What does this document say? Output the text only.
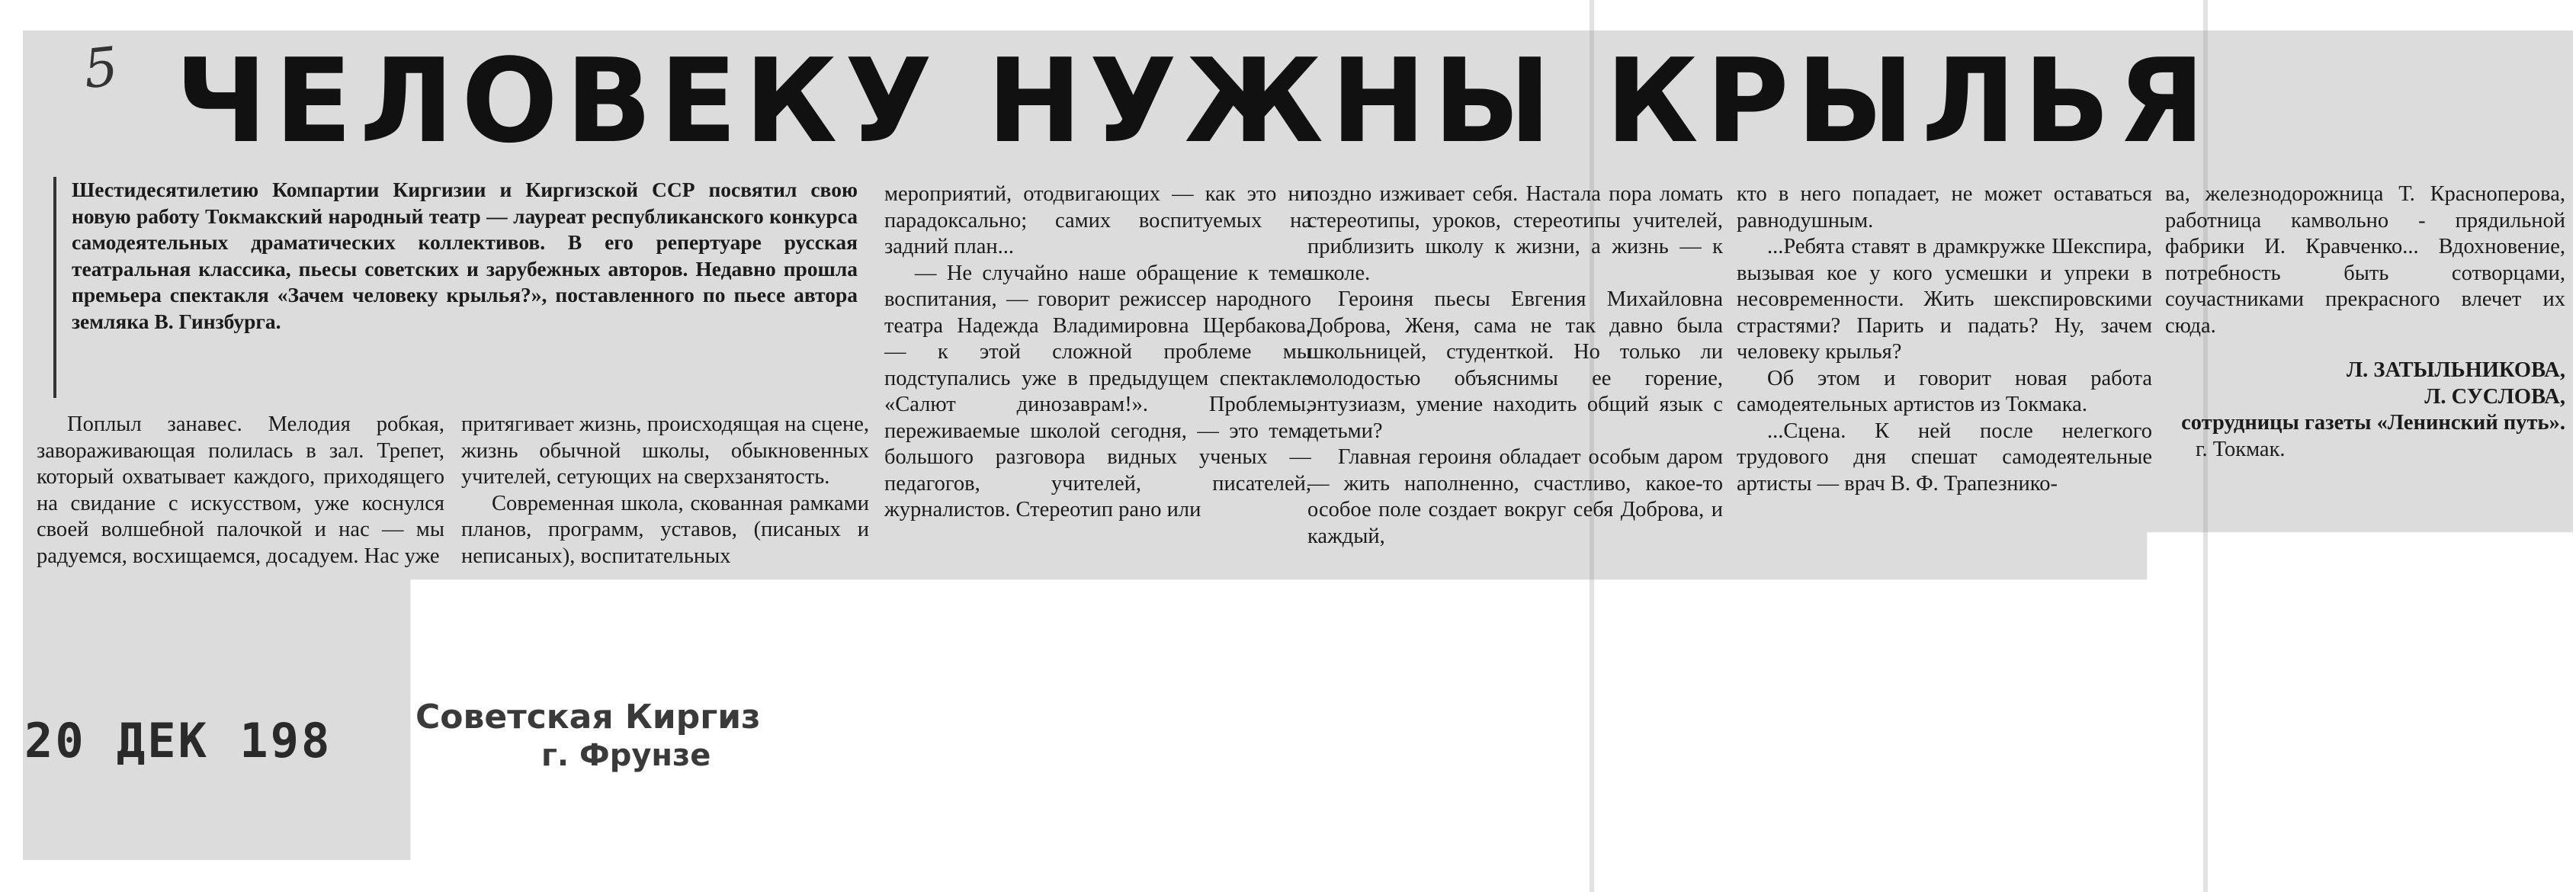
5 ЧЕЛОВЕКУ НУЖНЫ КРЫЛЬЯ
Шестидесятилетию Компартии Киргизии и Киргизской ССР посвятил свою новую работу Токмакский народный театр — лауреат республиканского конкурса самодеятельных драматических коллективов. В его репертуаре русская театральная классика, пьесы советских и зарубежных авторов. Недавно прошла премьера спектакля «Зачем человеку крылья?», поставленного по пьесе автора земляка В. Гинзбурга.

Поплыл занавес. Мелодия робкая, завораживающая полилась в зал. Трепет, который охватывает каждого, приходящего на свидание с искусством, уже коснулся своей волшебной палочкой и нас — мы радуемся, восхищаемся, досадуем. Нас уже

притягивает жизнь, происходящая на сцене, жизнь обычной школы, обыкновенных учителей, сетующих на сверхзанятость.

Современная школа, скованная рамками планов, программ, уставов, (писаных и неписаных), воспитательных

мероприятий, отодвигающих — как это ни парадоксально; самих воспитуемых на задний план...

— Не случайно наше обращение к теме воспитания, — говорит режиссер народного театра Надежда Владимировна Щербакова, — к этой сложной проблеме мы подступались уже в предыдущем спектакле «Салют динозаврам!». Проблемы, переживаемые школой сегодня, — это тема большого разговора видных ученых — педагогов, учителей, писателей, журналистов. Стереотип рано или

поздно изживает себя. Настала пора ломать стереотипы, уроков, стереотипы учителей, приблизить школу к жизни, а жизнь — к школе.

Героиня пьесы Евгения Михайловна Доброва, Женя, сама не так давно была школьницей, студенткой. Но только ли молодостью объяснимы ее горение, энтузиазм, умение находить общий язык с детьми?

Главная героиня обладает особым даром — жить наполненно, счастливо, какое-то особое поле создает вокруг себя Доброва, и каждый,

кто в него попадает, не может оставаться равнодушным.

...Ребята ставят в драмкружке Шекспира, вызывая кое у кого усмешки и упреки в несовременности. Жить шекспировскими страстями? Парить и падать? Ну, зачем человеку крылья?

Об этом и говорит новая работа самодеятельных артистов из Токмака.

...Сцена. К ней после нелегкого трудового дня спешат самодеятельные артисты — врач В. Ф. Трапезнико-

ва, железнодорожница Т. Красноперова, работница камвольно - прядильной фабрики И. Кравченко... Вдохновение, потребность быть сотворцами, соучастниками прекрасного влечет их сюда.

Л. ЗАТЫЛЬНИКОВА,
Л. СУСЛОВА,
сотрудницы газеты «Ленинский путь».

г. Токмак.

20 ДЕК 198 Советская Киргиз
г. Фрунзе
